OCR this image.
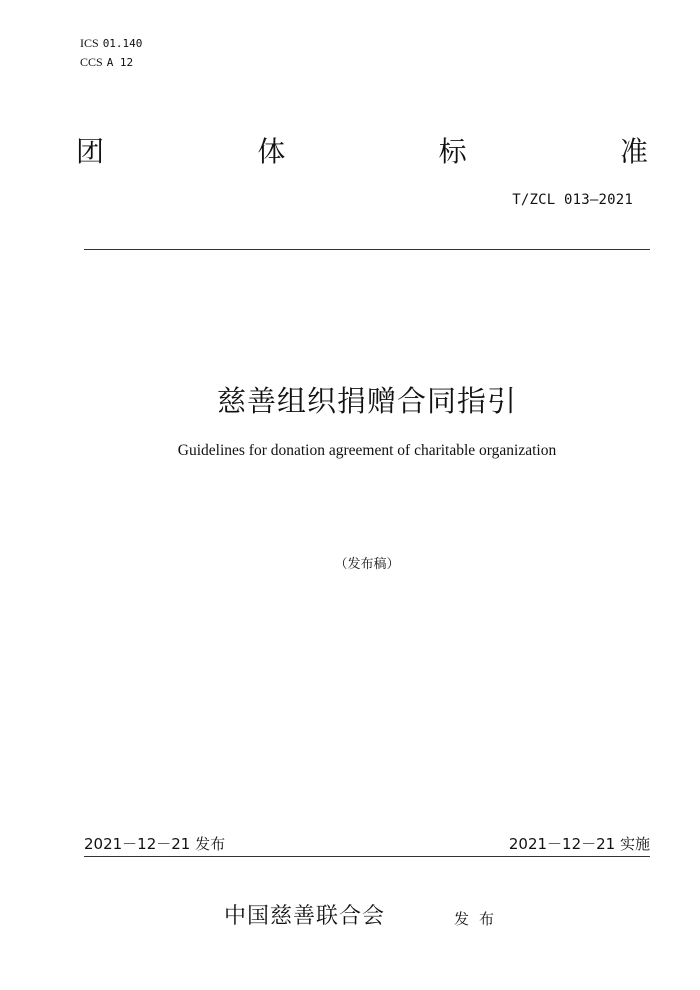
ICS 01.140
CCS A 12
团	体	标	准
T/ZCL 013—2021
慈善组织捐赠合同指引
Guidelines for donation agreement of charitable organization
（发布稿）
2021－12－21 发布	2021－12－21 实施
中国慈善联合会	发布
